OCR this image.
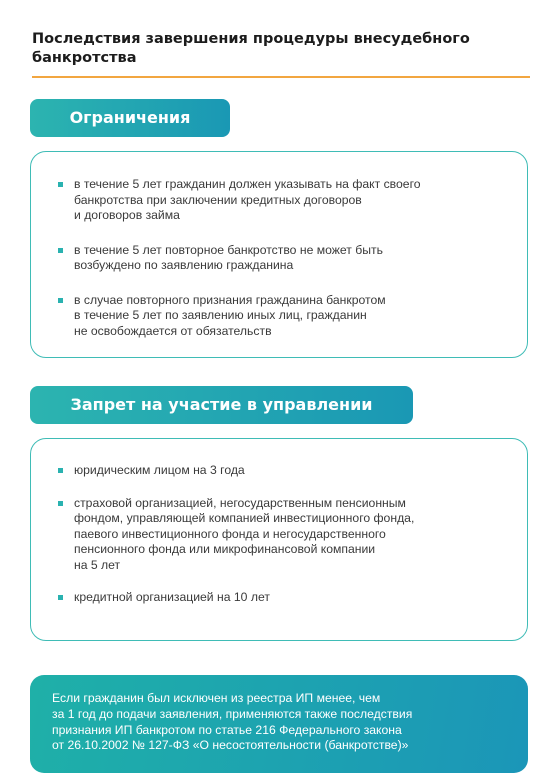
Последствия завершения процедуры внесудебного банкротства
Ограничения
в течение 5 лет гражданин должен указывать на факт своего
банкротства при заключении кредитных договоров
и договоров займа
в течение 5 лет повторное банкротство не может быть
возбуждено по заявлению гражданина
в случае повторного признания гражданина банкротом
в течение 5 лет по заявлению иных лиц, гражданин
не освобождается от обязательств
Запрет на участие в управлении
юридическим лицом на 3 года
страховой организацией, негосударственным пенсионным
фондом, управляющей компанией инвестиционного фонда,
паевого инвестиционного фонда и негосударственного
пенсионного фонда или микрофинансовой компании
на 5 лет
кредитной организацией на 10 лет
Если гражданин был исключен из реестра ИП менее, чем
за 1 год до подачи заявления, применяются также последствия
признания ИП банкротом по статье 216 Федерального закона
от 26.10.2002 № 127-ФЗ «О несостоятельности (банкротстве)»
